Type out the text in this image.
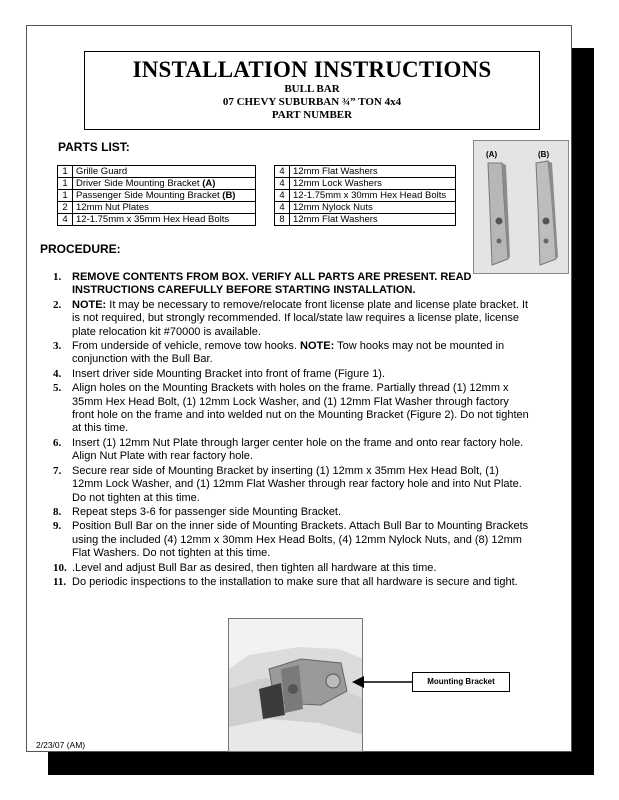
INSTALLATION INSTRUCTIONS
BULL BAR
07 CHEVY SUBURBAN ¾” TON 4x4
PART NUMBER
PARTS LIST:
1	Grille Guard		4	12mm Flat Washers
1	Driver Side Mounting Bracket (A)		4	12mm Lock Washers
1	Passenger Side Mounting Bracket (B)		4	12-1.75mm x 30mm Hex Head Bolts
2	12mm Nut Plates		4	12mm Nylock Nuts
4	12-1.75mm x 35mm Hex Head Bolts		8	12mm Flat Washers
(A)	(B)
PROCEDURE:
1. REMOVE CONTENTS FROM BOX. VERIFY ALL PARTS ARE PRESENT. READ INSTRUCTIONS CAREFULLY BEFORE STARTING INSTALLATION.
2. NOTE: It may be necessary to remove/relocate front license plate and license plate bracket. It is not required, but strongly recommended. If local/state law requires a license plate, license plate relocation kit #70000 is available.
3. From underside of vehicle, remove tow hooks. NOTE: Tow hooks may not be mounted in conjunction with the Bull Bar.
4. Insert driver side Mounting Bracket into front of frame (Figure 1).
5. Align holes on the Mounting Brackets with holes on the frame. Partially thread (1) 12mm x 35mm Hex Head Bolt, (1) 12mm Lock Washer, and (1) 12mm Flat Washer through factory front hole on the frame and into welded nut on the Mounting Bracket (Figure 2). Do not tighten at this time.
6. Insert (1) 12mm Nut Plate through larger center hole on the frame and onto rear factory hole. Align Nut Plate with rear factory hole.
7. Secure rear side of Mounting Bracket by inserting (1) 12mm x 35mm Hex Head Bolt, (1) 12mm Lock Washer, and (1) 12mm Flat Washer through rear factory hole and into Nut Plate. Do not tighten at this time.
8. Repeat steps 3-6 for passenger side Mounting Bracket.
9. Position Bull Bar on the inner side of Mounting Brackets. Attach Bull Bar to Mounting Brackets using the included (4) 12mm x 30mm Hex Head Bolts, (4) 12mm Nylock Nuts, and (8) 12mm Flat Washers. Do not tighten at this time.
10. .Level and adjust Bull Bar as desired, then tighten all hardware at this time.
11. Do periodic inspections to the installation to make sure that all hardware is secure and tight.
Mounting Bracket
2/23/07 (AM)
